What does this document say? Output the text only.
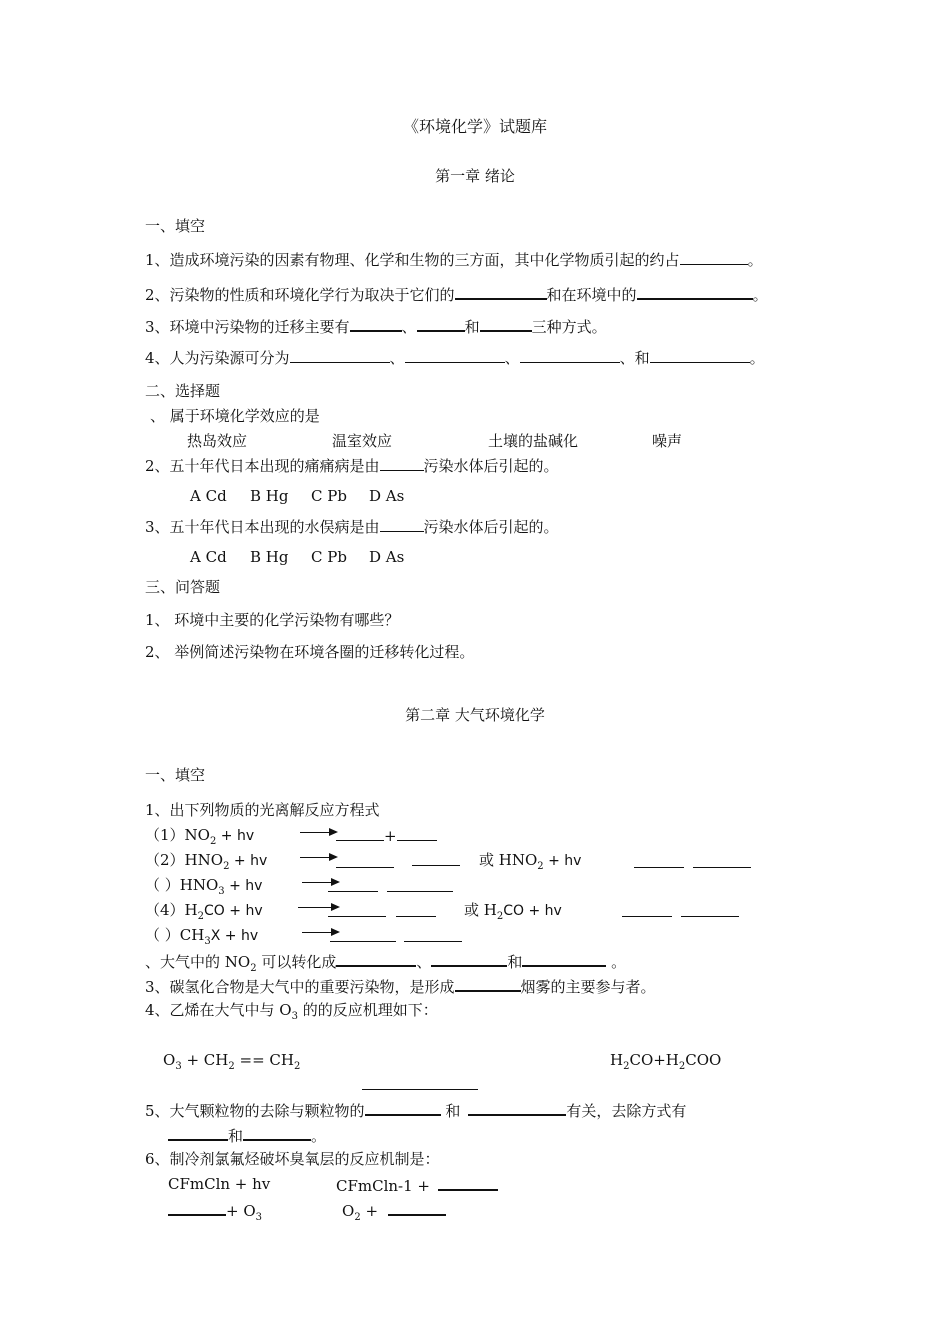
《环境化学》试题库
第一章 绪论
一、填空
1、造成环境污染的因素有物理、化学和生物的三方面，其中化学物质引起的约占	。
2、污染物的性质和环境化学行为取决于它们的	和在环境中的	。
3、环境中污染物的迁移主要有	、	和	三种方式。
4、人为污染源可分为	、	、	、和	。
二、选择题
、 属于环境化学效应的是
热岛效应	温室效应	土壤的盐碱化	噪声
2、五十年代日本出现的痛痛病是由	污染水体后引起的。
A Cd B Hg C Pb D As
3、五十年代日本出现的水俣病是由	污染水体后引起的。
A Cd B Hg C Pb D As
三、问答题
1、 环境中主要的化学污染物有哪些？
2、 举例简述污染物在环境各圈的迁移转化过程。
第二章 大气环境化学
一、填空
1、出下列物质的光离解反应方程式
$(1)NO_2$ + hv	+
$(2)HNO_2$ + hv	或 $HNO_2$ + hv
（ ）$HNO_3$ + hv
$(4)H_2CO$ + hv	或 $H_2CO$ + hv
（ ）$CH_3X$ + hv
、大气中的 $NO_2$ 可以转化成	、	和	。
3、碳氢化合物是大气中的重要污染物，是形成	烟雾的主要参与者。
4、乙烯在大气中与 $O_3$ 的的反应机理如下：
$O_3 + CH_2 == CH_2$	$H_2CO+H_2COO$
5、大气颗粒物的去除与颗粒物的	和	有关，去除方式有
和	。
6、制冷剂氯氟烃破坏臭氧层的反应机制是：
CFmCln + hv	CFmCln-1 +
+ $O_3$	$O_2$ +
